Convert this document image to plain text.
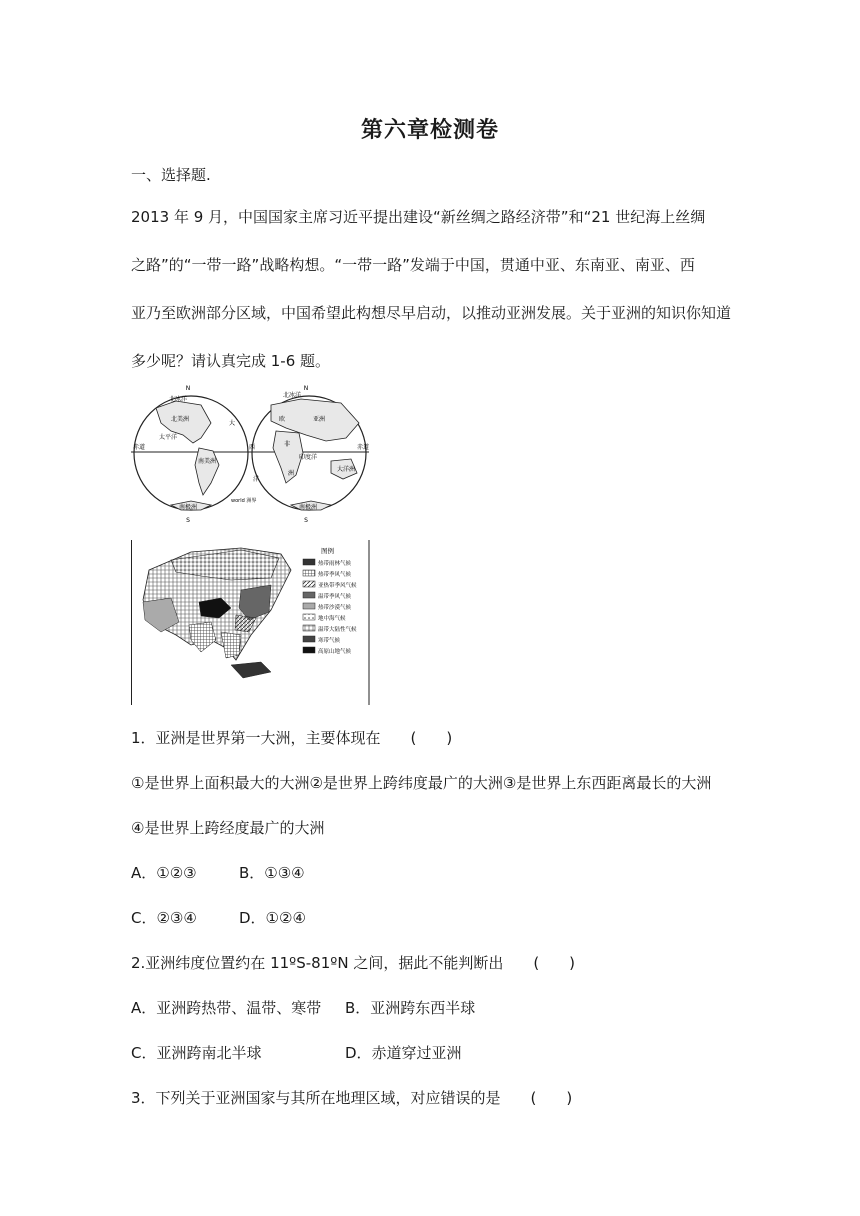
第六章检测卷
一、选择题.
2013 年 9 月，中国国家主席习近平提出建设“新丝绸之路经济带”和“21 世纪海上丝绸
之路”的“一带一路”战略构想。“一带一路”发端于中国，贯通中亚、东南亚、南亚、西
亚乃至欧洲部分区域，中国希望此构想尽早启动，以推动亚洲发展。关于亚洲的知识你知道
多少呢？请认真完成 1-6 题。
N	N
S	S
北冰洋
北美洲
太平洋
赤道
南美洲
南极洲
大
西
洋
北冰洋
亚洲
欧
非
洲
印度洋
大洋洲
赤道
南极洲
world 洲界
图例
热带雨林气候
热带季风气候
亚热带季风气候
温带季风气候
热带沙漠气候
地中海气候
温带大陆性气候
寒带气候
高原山地气候
1．亚洲是世界第一大洲，主要体现在　　(　　)
①是世界上面积最大的大洲②是世界上跨纬度最广的大洲③是世界上东西距离最长的大洲
④是世界上跨经度最广的大洲
A．①②③	B．①③④
C．②③④	D．①②④
2.亚洲纬度位置约在 11ºS-81ºN 之间，据此不能判断出　　(　　)
A．亚洲跨热带、温带、寒带 B．亚洲跨东西半球
C．亚洲跨南北半球	D．赤道穿过亚洲
3．下列关于亚洲国家与其所在地理区域，对应错误的是　　(　　)
